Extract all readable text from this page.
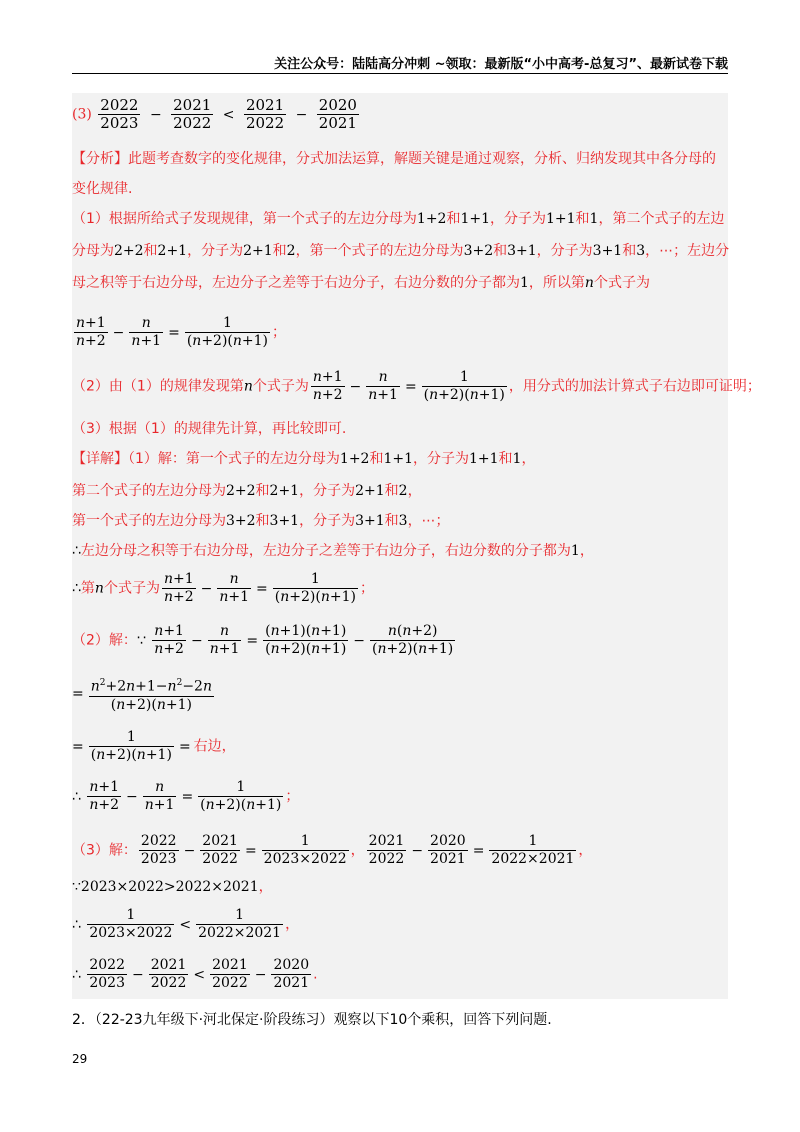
关注公众号：陆陆高分冲刺 ~领取：最新版“小中高考-总复习”、最新试卷下载
$(3) \frac{2022}{2023} - \frac{2021}{2022} < \frac{2021}{2022} - \frac{2020}{2021}$
【分析】此题考查数字的变化规律，分式加法运算，解题关键是通过观察，分析、归纳发现其中各分母的
变化规律.
（1）根据所给式子发现规律，第一个式子的左边分母为1+2和1+1，分子为1+1和1，第二个式子的左边
分母为2+2和2+1，分子为2+1和2，第一个式子的左边分母为3+2和3+1，分子为3+1和3，⋯；左边分
母之积等于右边分母，左边分子之差等于右边分子，右边分数的分子都为1，所以第n个式子为
$\frac{n+1}{n+2} - \frac{n}{n+1} = \frac{1}{(n+2)(n+1)}$ ；
（2）由（1）的规律发现第n个式子为 $\frac{n+1}{n+2} - \frac{n}{n+1} = \frac{1}{(n+2)(n+1)}$ ，用分式的加法计算式子右边即可证明；
（3）根据（1）的规律先计算，再比较即可.
【详解】（1）解：第一个式子的左边分母为1+2和1+1，分子为1+1和1，
第二个式子的左边分母为2+2和2+1，分子为2+1和2，
第一个式子的左边分母为3+2和3+1，分子为3+1和3，⋯；
∴左边分母之积等于右边分母，左边分子之差等于右边分子，右边分数的分子都为1，
∴第n个式子为 $\frac{n+1}{n+2} - \frac{n}{n+1} = \frac{1}{(n+2)(n+1)}$ ；
（2）解：∵ $\frac{n+1}{n+2} - \frac{n}{n+1} = \frac{(n+1)(n+1)}{(n+2)(n+1)} - \frac{n(n+2)}{(n+2)(n+1)}$
= $\frac{n^2+2n+1-n^2-2n}{(n+2)(n+1)}$
= $\frac{1}{(n+2)(n+1)}$ = 右边，
∴ $\frac{n+1}{n+2} - \frac{n}{n+1} = \frac{1}{(n+2)(n+1)}$ ；
（3）解： $\frac{2022}{2023} - \frac{2021}{2022} = \frac{1}{2023\times 2022}$ ， $\frac{2021}{2022} - \frac{2020}{2021} = \frac{1}{2022\times 2021}$ ，
∵2023×2022>2022×2021，
∴ $\frac{1}{2023\times 2022} < \frac{1}{2022\times 2021}$ ，
∴ $\frac{2022}{2023} - \frac{2021}{2022} < \frac{2021}{2022} - \frac{2020}{2021}$ .
2．（22-23九年级下·河北保定·阶段练习）观察以下10个乘积，回答下列问题.
29
